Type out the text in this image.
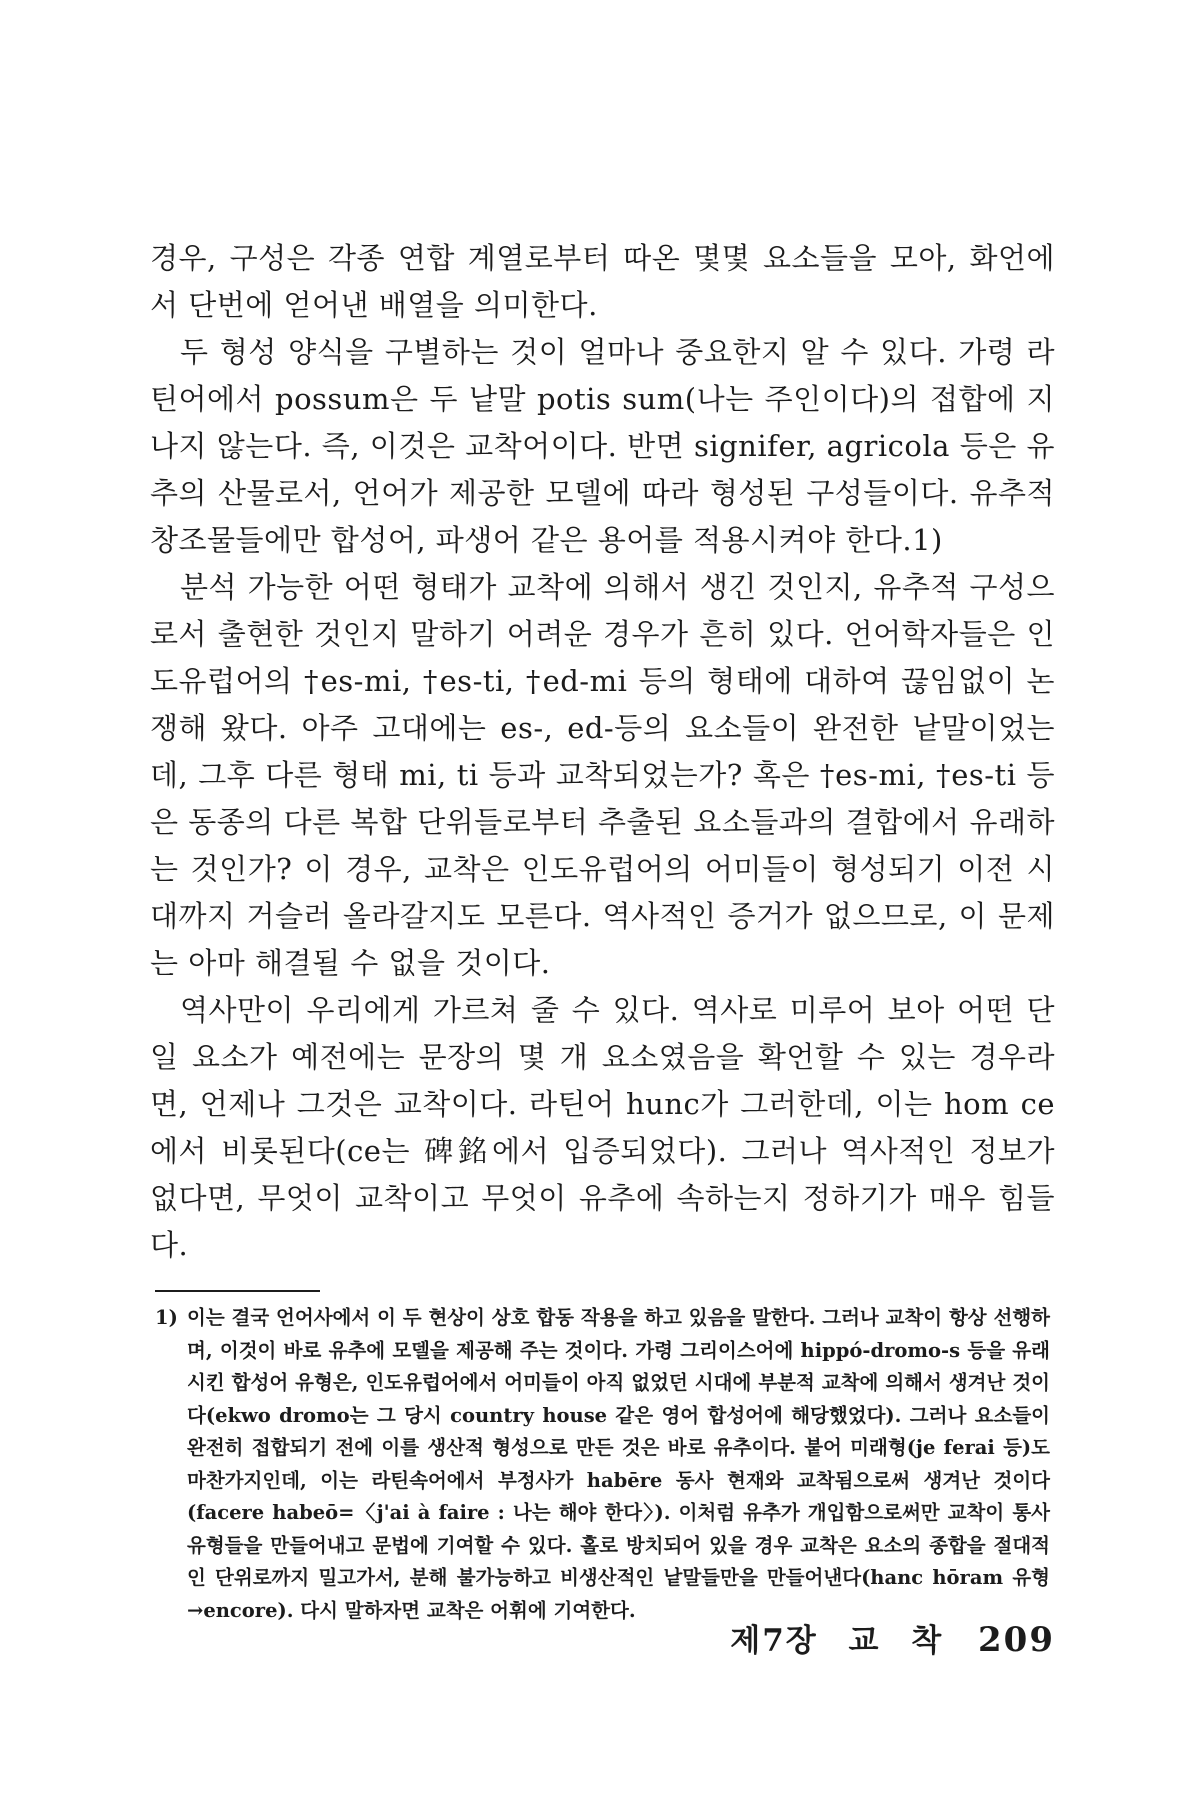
경우, 구성은 각종 연합 계열로부터 따온 몇몇 요소들을 모아, 화언에서 단번에 얻어낸 배열을 의미한다.

두 형성 양식을 구별하는 것이 얼마나 중요한지 알 수 있다. 가령 라틴어에서 possum은 두 낱말 potis sum(나는 주인이다)의 접합에 지나지 않는다. 즉, 이것은 교착어이다. 반면 signifer, agricola 등은 유추의 산물로서, 언어가 제공한 모델에 따라 형성된 구성들이다. 유추적 창조물들에만 합성어, 파생어 같은 용어를 적용시켜야 한다.1)

분석 가능한 어떤 형태가 교착에 의해서 생긴 것인지, 유추적 구성으로서 출현한 것인지 말하기 어려운 경우가 흔히 있다. 언어학자들은 인도유럽어의 †es-mi, †es-ti, †ed-mi 등의 형태에 대하여 끊임없이 논쟁해 왔다. 아주 고대에는 es-, ed-등의 요소들이 완전한 낱말이었는데, 그후 다른 형태 mi, ti 등과 교착되었는가? 혹은 †es-mi, †es-ti 등은 동종의 다른 복합 단위들로부터 추출된 요소들과의 결합에서 유래하는 것인가? 이 경우, 교착은 인도유럽어의 어미들이 형성되기 이전 시대까지 거슬러 올라갈지도 모른다. 역사적인 증거가 없으므로, 이 문제는 아마 해결될 수 없을 것이다.

역사만이 우리에게 가르쳐 줄 수 있다. 역사로 미루어 보아 어떤 단일 요소가 예전에는 문장의 몇 개 요소였음을 확언할 수 있는 경우라면, 언제나 그것은 교착이다. 라틴어 hunc가 그러한데, 이는 hom ce에서 비롯된다(ce는 碑銘에서 입증되었다). 그러나 역사적인 정보가 없다면, 무엇이 교착이고 무엇이 유추에 속하는지 정하기가 매우 힘들다.

1) 이는 결국 언어사에서 이 두 현상이 상호 합동 작용을 하고 있음을 말한다. 그러나 교착이 항상 선행하며, 이것이 바로 유추에 모델을 제공해 주는 것이다. 가령 그리이스어에 hippó-dromo-s 등을 유래시킨 합성어 유형은, 인도유럽어에서 어미들이 아직 없었던 시대에 부분적 교착에 의해서 생겨난 것이다(ekwo dromo는 그 당시 country house 같은 영어 합성어에 해당했었다). 그러나 요소들이 완전히 접합되기 전에 이를 생산적 형성으로 만든 것은 바로 유추이다. 붙어 미래형(je ferai 등)도 마찬가지인데, 이는 라틴속어에서 부정사가 habēre 동사 현재와 교착됨으로써 생겨난 것이다(facere habeō=〈j'ai à faire : 나는 해야 한다〉). 이처럼 유추가 개입함으로써만 교착이 통사 유형들을 만들어내고 문법에 기여할 수 있다. 홀로 방치되어 있을 경우 교착은 요소의 종합을 절대적인 단위로까지 밀고가서, 분해 불가능하고 비생산적인 낱말들만을 만들어낸다(hanc hōram 유형 →encore). 다시 말하자면 교착은 어휘에 기여한다.
제7장 교 착 209
